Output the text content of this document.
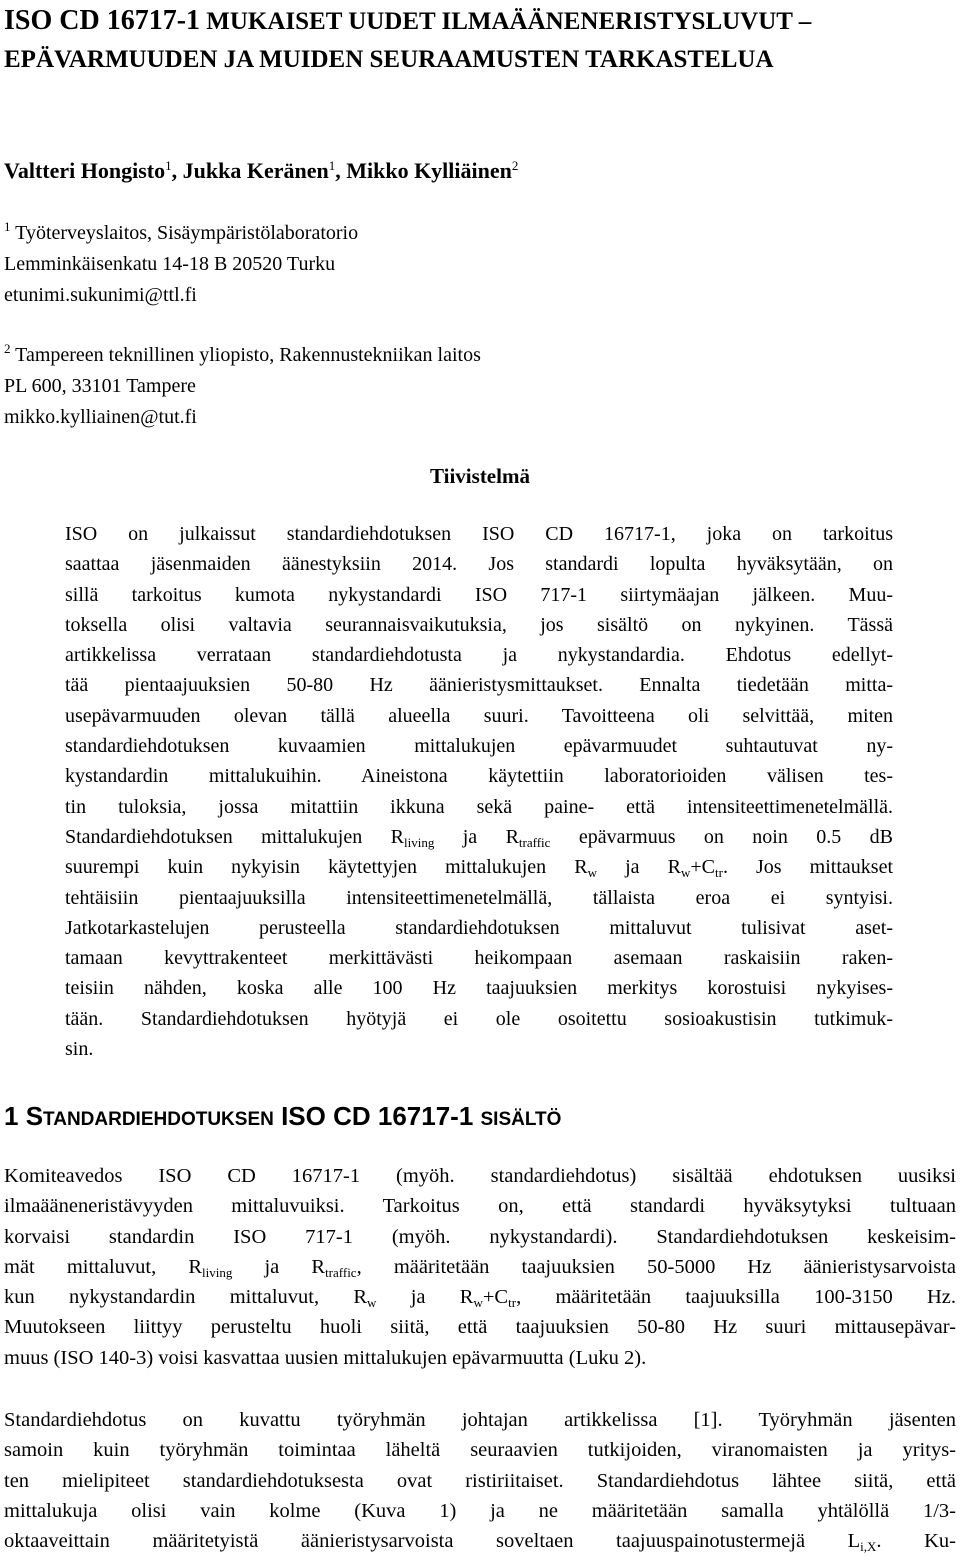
ISO CD 16717-1 MUKAISET UUDET ILMAÄÄNENERISTYSLUVUT –
EPÄVARMUUDEN JA MUIDEN SEURAAMUSTEN TARKASTELUA

Valtteri Hongisto$^1$, Jukka Keränen$^1$, Mikko Kylliäinen$^2$

$^1$ Työterveyslaitos, Sisäympäristölaboratorio
Lemminkäisenkatu 14-18 B 20520 Turku
etunimi.sukunimi@ttl.fi
$^2$ Tampereen teknillinen yliopisto, Rakennustekniikan laitos
PL 600, 33101 Tampere
mikko.kylliainen@tut.fi
Tiivistelmä
ISO on julkaissut standardiehdotuksen ISO CD 16717-1, joka on tarkoitus
saattaa jäsenmaiden äänestyksiin 2014. Jos standardi lopulta hyväksytään, on
sillä tarkoitus kumota nykystandardi ISO 717-1 siirtymäajan jälkeen. Muu-
toksella olisi valtavia seurannaisvaikutuksia, jos sisältö on nykyinen. Tässä
artikkelissa verrataan standardiehdotusta ja nykystandardia. Ehdotus edellyt-
tää pientaajuuksien 50-80 Hz äänieristysmittaukset. Ennalta tiedetään mitta-
usepävarmuuden olevan tällä alueella suuri. Tavoitteena oli selvittää, miten
standardiehdotuksen kuvaamien mittalukujen epävarmuudet suhtautuvat ny-
kystandardin mittalukuihin. Aineistona käytettiin laboratorioiden välisen tes-
tin tuloksia, jossa mitattiin ikkuna sekä paine- että intensiteettimenetelmällä.
Standardiehdotuksen mittalukujen $R_{living}$ ja $R_{traffic}$ epävarmuus on noin 0.5 dB
suurempi kuin nykyisin käytettyjen mittalukujen $R_w$ ja $R_w+C_{tr}$. Jos mittaukset
tehtäisiin pientaajuuksilla intensiteettimenetelmällä, tällaista eroa ei syntyisi.
Jatkotarkastelujen perusteella standardiehdotuksen mittaluvut tulisivat aset-
tamaan kevyttrakenteet merkittävästi heikompaan asemaan raskaisiin raken-
teisiin nähden, koska alle 100 Hz taajuuksien merkitys korostuisi nykyises-
tään. Standardiehdotuksen hyötyjä ei ole osoitettu sosioakustisin tutkimuk-
sin.
1 STANDARDIEHDOTUKSEN ISO CD 16717-1 SISÄLTÖ
Komiteavedos ISO CD 16717-1 (myöh. standardiehdotus) sisältää ehdotuksen uusiksi
ilmaääneneristävyyden mittaluvuiksi. Tarkoitus on, että standardi hyväksytyksi tultuaan
korvaisi standardin ISO 717-1 (myöh. nykystandardi). Standardiehdotuksen keskeisim-
mät mittaluvut, $R_{living}$ ja $R_{traffic}$, määritetään taajuuksien 50-5000 Hz äänieristysarvoista
kun nykystandardin mittaluvut, $R_w$ ja $R_w+C_{tr}$, määritetään taajuuksilla 100-3150 Hz.
Muutokseen liittyy perusteltu huoli siitä, että taajuuksien 50-80 Hz suuri mittausepävar-
muus (ISO 140-3) voisi kasvattaa uusien mittalukujen epävarmuutta (Luku 2).
Standardiehdotus on kuvattu työryhmän johtajan artikkelissa [1]. Työryhmän jäsenten
samoin kuin työryhmän toimintaa läheltä seuraavien tutkijoiden, viranomaisten ja yritys-
ten mielipiteet standardiehdotuksesta ovat ristiriitaiset. Standardiehdotus lähtee siitä, että
mittalukuja olisi vain kolme (Kuva 1) ja ne määritetään samalla yhtälöllä 1/3-
oktaaveittain määritetyistä äänieristysarvoista soveltaen taajuuspainotustermejä $L_{i,X}$. Ku-
